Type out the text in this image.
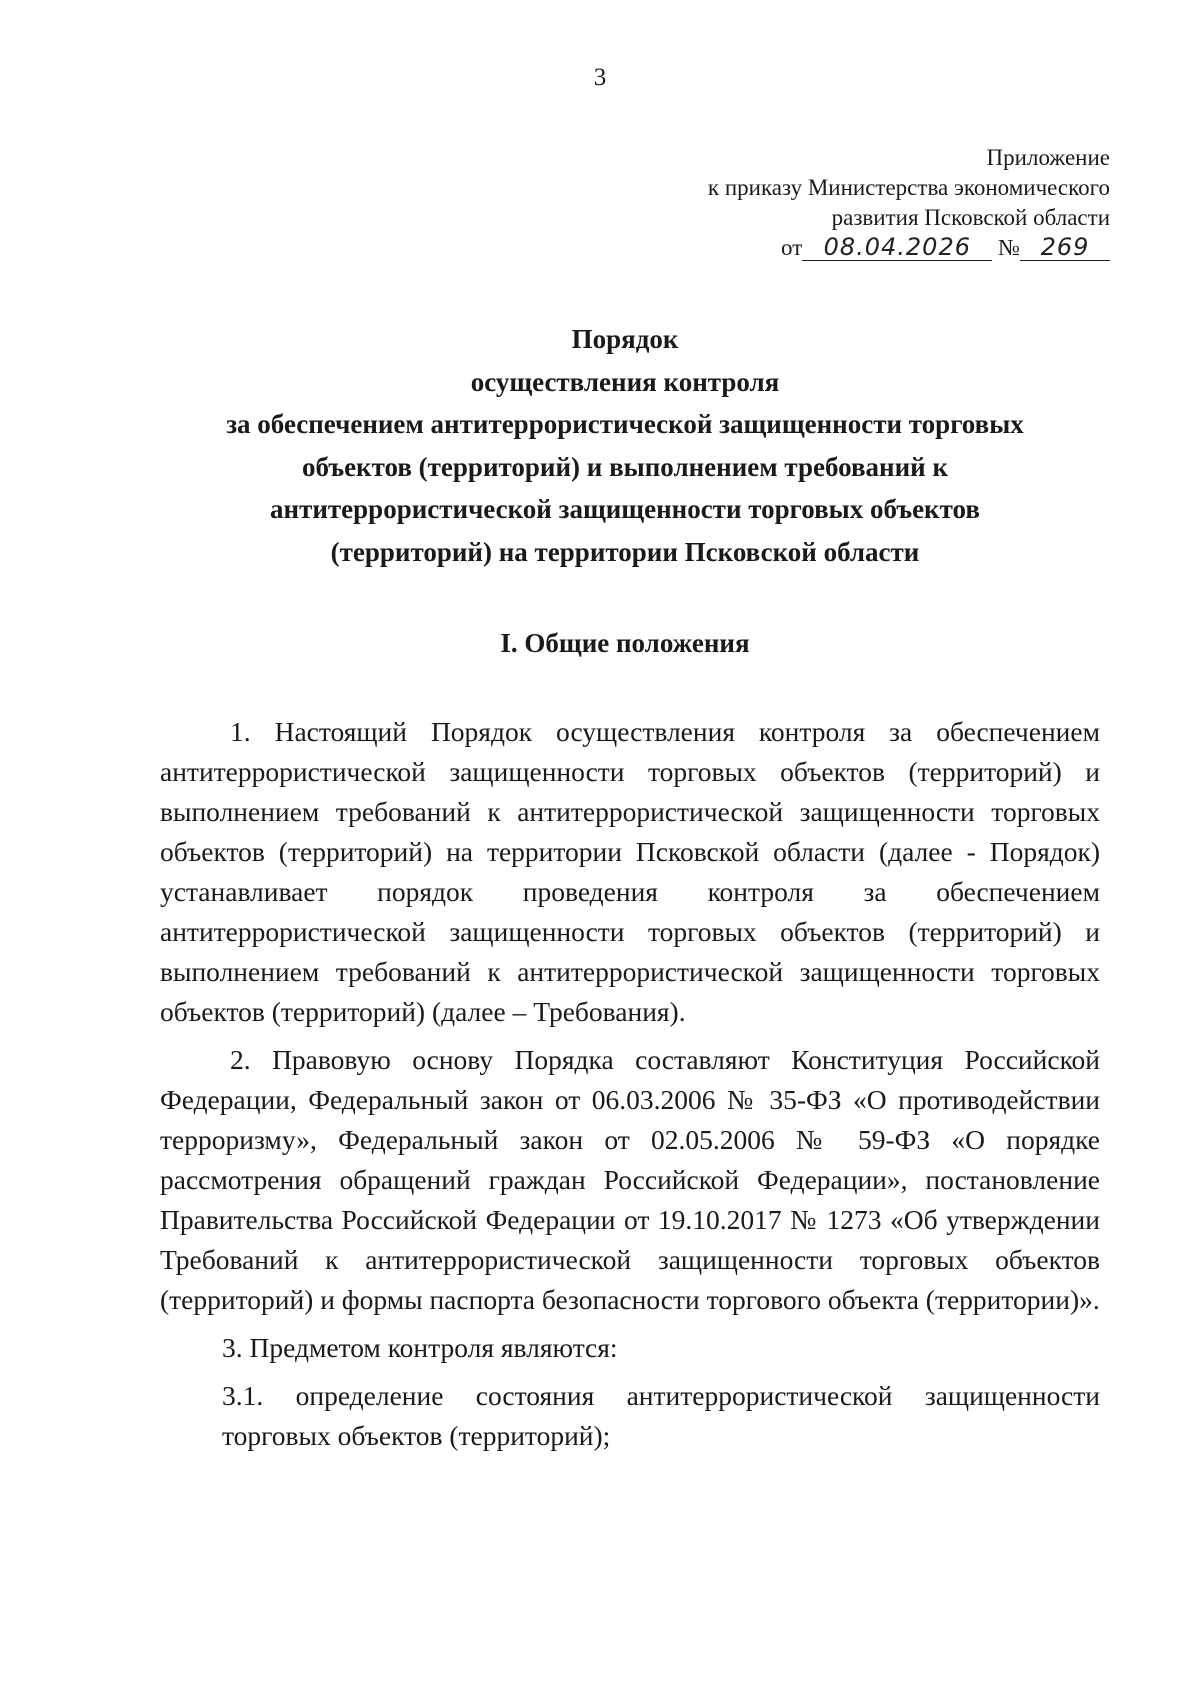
3
Приложение
к приказу Министерства экономического
развития Псковской области
от 08.04.2026 № 269
Порядок
осуществления контроля
за обеспечением антитеррористической защищенности торговых
объектов (территорий) и выполнением требований к
антитеррористической защищенности торговых объектов
(территорий) на территории Псковской области
I. Общие положения

1. Настоящий Порядок осуществления контроля за обеспечением антитеррористической защищенности торговых объектов (территорий) и выполнением требований к антитеррористической защищенности торговых объектов (территорий) на территории Псковской области (далее - Порядок) устанавливает порядок проведения контроля за обеспечением антитеррористической защищенности торговых объектов (территорий) и выполнением требований к антитеррористической защищенности торговых объектов (территорий) (далее – Требования).

2. Правовую основу Порядка составляют Конституция Российской Федерации, Федеральный закон от 06.03.2006 № 35-ФЗ «О противодействии терроризму», Федеральный закон от 02.05.2006 № 59-ФЗ «О порядке рассмотрения обращений граждан Российской Федерации», постановление Правительства Российской Федерации от 19.10.2017 № 1273 «Об утверждении Требований к антитеррористической защищенности торговых объектов (территорий) и формы паспорта безопасности торгового объекта (территории)».

3. Предметом контроля являются:

3.1. определение состояния антитеррористической защищенности торговых объектов (территорий);
